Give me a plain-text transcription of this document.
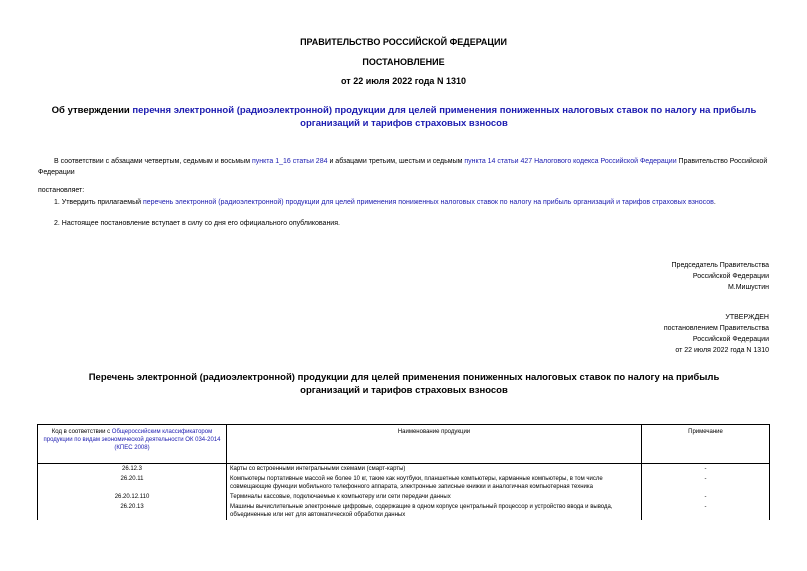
ПРАВИТЕЛЬСТВО РОССИЙСКОЙ ФЕДЕРАЦИИ
ПОСТАНОВЛЕНИЕ
от 22 июля 2022 года N 1310
Об утверждении перечня электронной (радиоэлектронной) продукции для целей применения пониженных налоговых ставок по налогу на прибыль организаций и тарифов страховых взносов
В соответствии с абзацами четвертым, седьмым и восьмым пункта 1_16 статьи 284 и абзацами третьим, шестым и седьмым пункта 14 статьи 427 Налогового кодекса Российской Федерации Правительство Российской Федерации
постановляет:
1. Утвердить прилагаемый перечень электронной (радиоэлектронной) продукции для целей применения пониженных налоговых ставок по налогу на прибыль организаций и тарифов страховых взносов.
2. Настоящее постановление вступает в силу со дня его официального опубликования.
Председатель Правительства
Российской Федерации
М.Мишустин
УТВЕРЖДЕН
постановлением Правительства
Российской Федерации
от 22 июля 2022 года N 1310
Перечень электронной (радиоэлектронной) продукции для целей применения пониженных налоговых ставок по налогу на прибыль организаций и тарифов страховых взносов
Код в соответствии с Общероссийским классификатором продукции по видам экономической деятельности ОК 034-2014 (КПЕС 2008)	Наименование продукции	Примечание
26.12.3	Карты со встроенными интегральными схемами (смарт-карты)	-
26.20.11	Компьютеры портативные массой не более 10 кг, такие как ноутбуки, планшетные компьютеры, карманные компьютеры, в том числе совмещающие функции мобильного телефонного аппарата, электронные записные книжки и аналогичная компьютерная техника	-
26.20.12.110	Терминалы кассовые, подключаемые к компьютеру или сети передачи данных	-
26.20.13	Машины вычислительные электронные цифровые, содержащие в одном корпусе центральный процессор и устройство ввода и вывода, объединенные или нет для автоматической обработки данных	-
